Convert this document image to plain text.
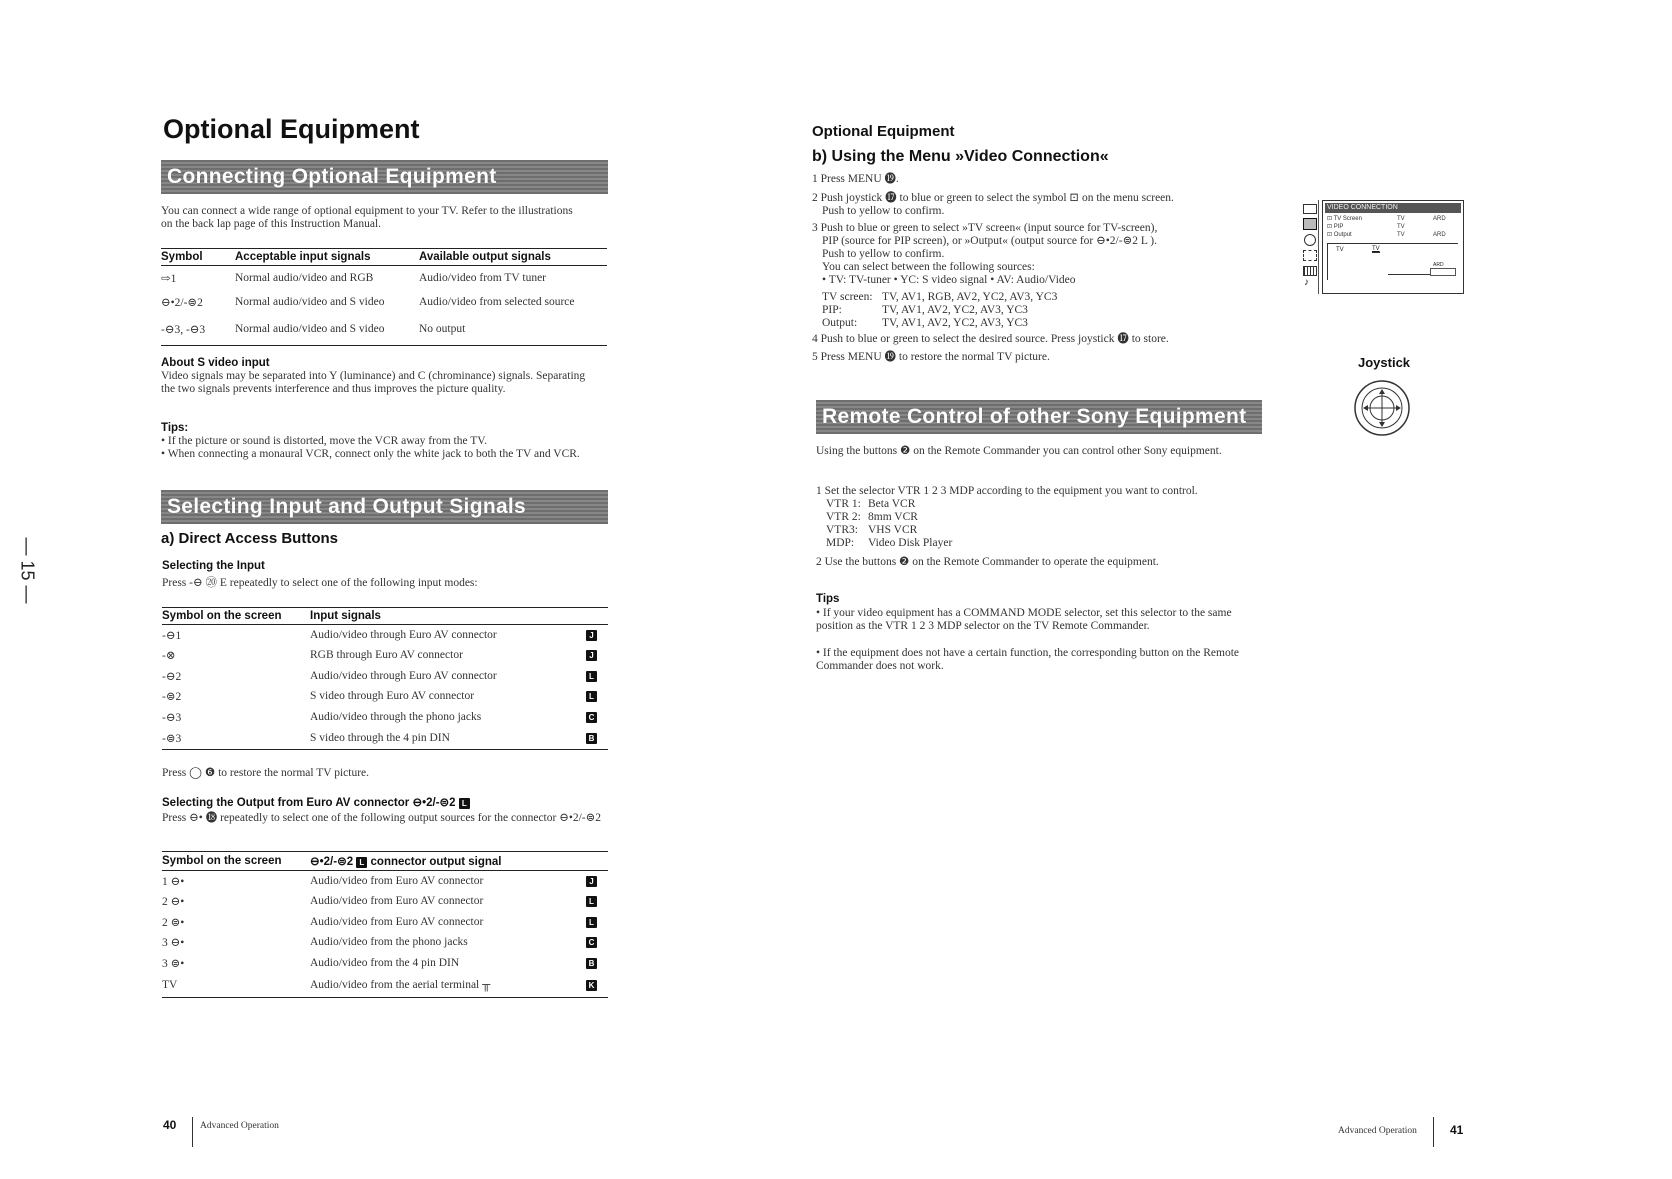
— 15 —
Optional Equipment
Connecting Optional Equipment
You can connect a wide range of optional equipment to your TV. Refer to the illustrations on the back lap page of this Instruction Manual.
Symbol	Acceptable input signals	Available output signals
⇨1	Normal audio/video and RGB	Audio/video from TV tuner
⊖•2/-⊜2	Normal audio/video and S video	Audio/video from selected source
-⊖3, -⊖3	Normal audio/video and S video	No output
About S video input
Video signals may be separated into Y (luminance) and C (chrominance) signals. Separating the two signals prevents interference and thus improves the picture quality.
Tips:
• If the picture or sound is distorted, move the VCR away from the TV.
• When connecting a monaural VCR, connect only the white jack to both the TV and VCR.
Selecting Input and Output Signals
a) Direct Access Buttons
Selecting the Input
Press -⊖ ⑳ E repeatedly to select one of the following input modes:
Symbol on the screen	Input signals	
-⊖1	Audio/video through Euro AV connector	J
-⊗	RGB through Euro AV connector	J
-⊖2	Audio/video through Euro AV connector	L
-⊜2	S video through Euro AV connector	L
-⊖3	Audio/video through the phono jacks	C
-⊜3	S video through the 4 pin DIN	B
Press ◯ ❻ to restore the normal TV picture.
Selecting the Output from Euro AV connector ⊖•2/-⊜2 L
Press ⊖• ⓲ repeatedly to select one of the following output sources for the connector ⊖•2/-⊜2
Symbol on the screen	⊖•2/-⊜2 L connector output signal	
1 ⊖•	Audio/video from Euro AV connector	J
2 ⊖•	Audio/video from Euro AV connector	L
2 ⊜•	Audio/video from Euro AV connector	L
3 ⊖•	Audio/video from the phono jacks	C
3 ⊜•	Audio/video from the 4 pin DIN	B
TV	Audio/video from the aerial terminal ╥	K
40 Advanced Operation
Optional Equipment
b) Using the Menu »Video Connection«
1 Press MENU ⓳.
2 Push joystick ⓱ to blue or green to select the symbol ⊡ on the menu screen.
Push to yellow to confirm.
3 Push to blue or green to select »TV screen« (input source for TV-screen),
PIP (source for PIP screen), or »Output« (output source for ⊖•2/-⊜2 L ).
Push to yellow to confirm.
You can select between the following sources:
• TV: TV-tuner • YC: S video signal • AV: Audio/Video
TV screen: TV, AV1, RGB, AV2, YC2, AV3, YC3
PIP:	TV, AV1, AV2, YC2, AV3, YC3
Output: TV, AV1, AV2, YC2, AV3, YC3
4 Push to blue or green to select the desired source. Press joystick ⓱ to store.
5 Press MENU ⓳ to restore the normal TV picture.
♪
VIDEO CONNECTION
⊡ TV Screen	TV	ARD
⊡ PIP	TV
⊡ Output	TV	ARD
TV	TV
ARD
Joystick
Remote Control of other Sony Equipment
Using the buttons ❷ on the Remote Commander you can control other Sony equipment.
1 Set the selector VTR 1 2 3 MDP according to the equipment you want to control.
VTR 1: Beta VCR
VTR 2: 8mm VCR
VTR3: VHS VCR
MDP: Video Disk Player
2 Use the buttons ❷ on the Remote Commander to operate the equipment.
Tips
• If your video equipment has a COMMAND MODE selector, set this selector to the same position as the VTR 1 2 3 MDP selector on the TV Remote Commander.
• If the equipment does not have a certain function, the corresponding button on the Remote Commander does not work.
Advanced Operation	41
